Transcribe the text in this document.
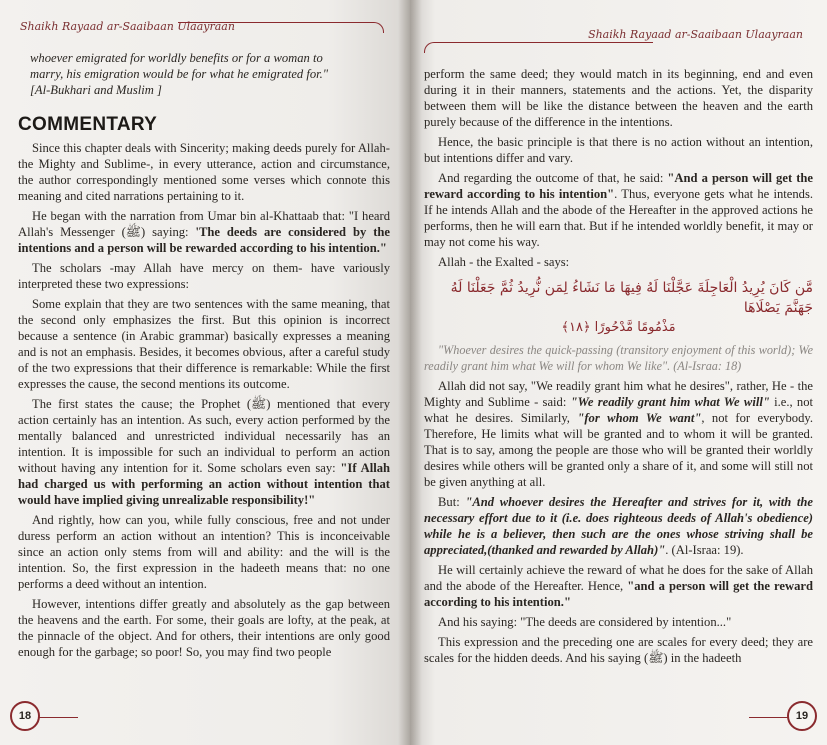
Shaikh Rayaad ar-Saaibaan Ulaayraan
whoever emigrated for worldly benefits or for a woman to
marry, his emigration would be for what he emigrated for."
[Al-Bukhari and Muslim ]
COMMENTARY

Since this chapter deals with Sincerity; making deeds purely for Allah- the Mighty and Sublime-, in every utterance, action and circumstance, the author correspondingly mentioned some verses which connote this meaning and cited narrations pertaining to it.

He began with the narration from Umar bin al-Khattaab that: "I heard Allah's Messenger (ﷺ) saying: 'The deeds are considered by the intentions and a person will be rewarded according to his intention."

The scholars -may Allah have mercy on them- have variously interpreted these two expressions:

Some explain that they are two sentences with the same meaning, that the second only emphasizes the first. But this opinion is incorrect because a sentence (in Arabic grammar) basically expresses a meaning and is not an emphasis. Besides, it becomes obvious, after a careful study of the two expressions that their difference is remarkable: While the first expresses the cause, the second mentions its outcome.

The first states the cause; the Prophet (ﷺ) mentioned that every action certainly has an intention. As such, every action performed by the mentally balanced and unrestricted individual necessarily has an intention. It is impossible for such an individual to perform an action without having any intention for it. Some scholars even say: "If Allah had charged us with performing an action without intention that would have implied giving unrealizable responsibility!"

And rightly, how can you, while fully conscious, free and not under duress perform an action without an intention? This is inconceivable since an action only stems from will and ability: and the will is the intention. So, the first expression in the hadeeth means that: no one performs a deed without an intention.

However, intentions differ greatly and absolutely as the gap between the heavens and the earth. For some, their goals are lofty, at the peak, at the pinnacle of the object. And for others, their intentions are only good enough for the garbage; so poor! So, you may find two people

18
Shaikh Rayaad ar-Saaibaan Ulaayraan

perform the same deed; they would match in its beginning, end and even during it in their manners, statements and the actions. Yet, the disparity between them will be like the distance between the heaven and the earth purely because of the difference in the intentions.

Hence, the basic principle is that there is no action without an intention, but intentions differ and vary.

And regarding the outcome of that, he said: "And a person will get the reward according to his intention". Thus, everyone gets what he intends. If he intends Allah and the abode of the Hereafter in the approved actions he performs, then he will earn that. But if he intended worldly benefit, it may or may not come his way.

Allah - the Exalted - says:

مَّن كَانَ يُرِيدُ الْعَاجِلَةَ عَجَّلْنَا لَهُ فِيهَا مَا نَشَاءُ لِمَن نُّرِيدُ ثُمَّ جَعَلْنَا لَهُ جَهَنَّمَ يَصْلَاهَا
مَذْمُومًا مَّدْحُورًا ﴿١٨﴾

"Whoever desires the quick-passing (transitory enjoyment of this world); We readily grant him what We will for whom We like". (Al-Israa: 18)

Allah did not say, "We readily grant him what he desires", rather, He - the Mighty and Sublime - said: "We readily grant him what We will" i.e., not what he desires. Similarly, "for whom We want", not for everybody. Therefore, He limits what will be granted and to whom it will be granted. That is to say, among the people are those who will be granted their worldly desires while others will be granted only a share of it, and some will still not be given anything at all.

But: "And whoever desires the Hereafter and strives for it, with the necessary effort due to it (i.e. does righteous deeds of Allah's obedience) while he is a believer, then such are the ones whose striving shall be appreciated,(thanked and rewarded by Allah)". (Al-Israa: 19).

He will certainly achieve the reward of what he does for the sake of Allah and the abode of the Hereafter. Hence, "and a person will get the reward according to his intention."

And his saying: "The deeds are considered by intention..."

This expression and the preceding one are scales for every deed; they are scales for the hidden deeds. And his saying (ﷺ) in the hadeeth

19
